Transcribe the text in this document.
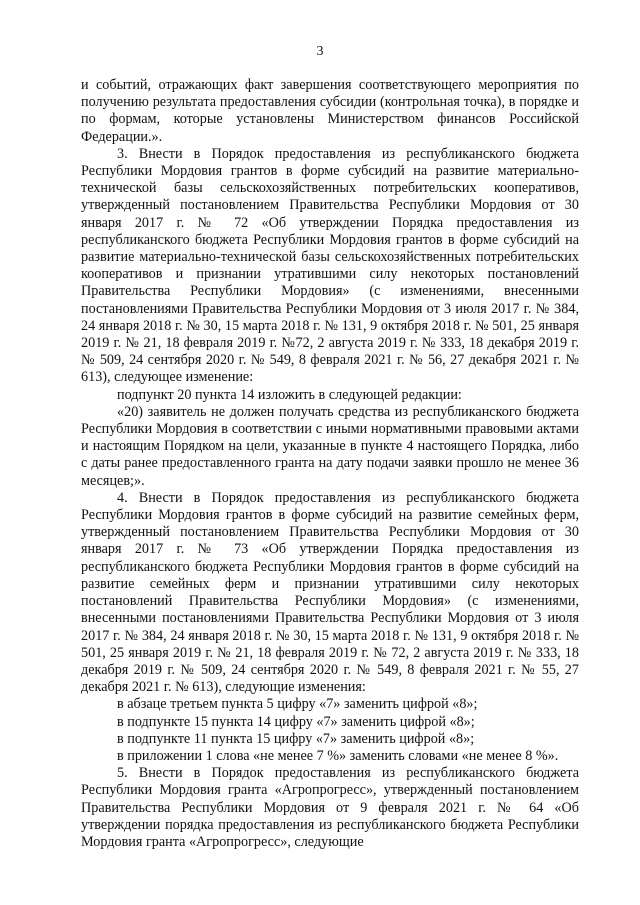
3

и событий, отражающих факт завершения соответствующего мероприятия по получению результата предоставления субсидии (контрольная точка), в порядке и по формам, которые установлены Министерством финансов Российской Федерации.».

3. Внести в Порядок предоставления из республиканского бюджета Республики Мордовия грантов в форме субсидий на развитие материально-технической базы сельскохозяйственных потребительских кооперативов, утвержденный постановлением Правительства Республики Мордовия от 30 января 2017 г. № 72 «Об утверждении Порядка предоставления из республиканского бюджета Республики Мордовия грантов в форме субсидий на развитие материально-технической базы сельскохозяйственных потребительских кооперативов и признании утратившими силу некоторых постановлений Правительства Республики Мордовия» (с изменениями, внесенными постановлениями Правительства Республики Мордовия от 3 июля 2017 г. № 384, 24 января 2018 г. № 30, 15 марта 2018 г. № 131, 9 октября 2018 г. № 501, 25 января 2019 г. № 21, 18 февраля 2019 г. №72, 2 августа 2019 г. № 333, 18 декабря 2019 г. № 509, 24 сентября 2020 г. № 549, 8 февраля 2021 г. № 56, 27 декабря 2021 г. № 613), следующее изменение:

подпункт 20 пункта 14 изложить в следующей редакции:

«20) заявитель не должен получать средства из республиканского бюджета Республики Мордовия в соответствии с иными нормативными правовыми актами и настоящим Порядком на цели, указанные в пункте 4 настоящего Порядка, либо с даты ранее предоставленного гранта на дату подачи заявки прошло не менее 36 месяцев;».

4. Внести в Порядок предоставления из республиканского бюджета Республики Мордовия грантов в форме субсидий на развитие семейных ферм, утвержденный постановлением Правительства Республики Мордовия от 30 января 2017 г. № 73 «Об утверждении Порядка предоставления из республиканского бюджета Республики Мордовия грантов в форме субсидий на развитие семейных ферм и признании утратившими силу некоторых постановлений Правительства Республики Мордовия» (с изменениями, внесенными постановлениями Правительства Республики Мордовия от 3 июля 2017 г. № 384, 24 января 2018 г. № 30, 15 марта 2018 г. № 131, 9 октября 2018 г. № 501, 25 января 2019 г. № 21, 18 февраля 2019 г. № 72, 2 августа 2019 г. № 333, 18 декабря 2019 г. № 509, 24 сентября 2020 г. № 549, 8 февраля 2021 г. № 55, 27 декабря 2021 г. № 613), следующие изменения:

в абзаце третьем пункта 5 цифру «7» заменить цифрой «8»;

в подпункте 15 пункта 14 цифру «7» заменить цифрой «8»;

в подпункте 11 пункта 15 цифру «7» заменить цифрой «8»;

в приложении 1 слова «не менее 7 %» заменить словами «не менее 8 %».

5. Внести в Порядок предоставления из республиканского бюджета Республики Мордовия гранта «Агропрогресс», утвержденный постановлением Правительства Республики Мордовия от 9 февраля 2021 г. № 64 «Об утверждении порядка предоставления из республиканского бюджета Республики Мордовия гранта «Агропрогресс», следующие
